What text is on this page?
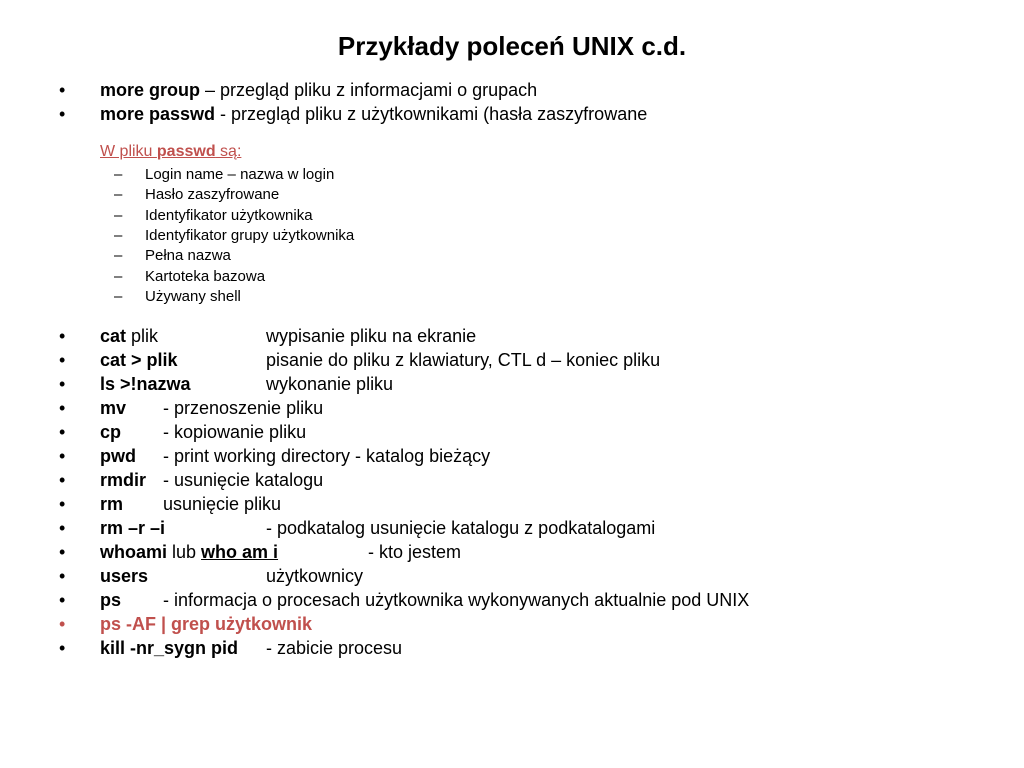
Przykłady poleceń UNIX c.d.
•	more group – przegląd pliku z informacjami o grupach
•	more passwd - przegląd pliku z użytkownikami (hasła zaszyfrowane
W pliku passwd są:
– Login name – nazwa w login
– Hasło zaszyfrowane
– Identyfikator użytkownika
– Identyfikator grupy użytkownika
– Pełna nazwa
– Kartoteka bazowa
– Używany shell
•	cat plik	wypisanie pliku na ekranie
•	cat > plik	pisanie do pliku z klawiatury, CTL d – koniec pliku
•	ls >!nazwa	wykonanie pliku
•	mv - przenoszenie pliku
•	cp - kopiowanie pliku
•	pwd - print working directory - katalog bieżący
•	rmdir - usunięcie katalogu
•	rm usunięcie pliku
•	rm –r –i	- podkatalog usunięcie katalogu z podkatalogami
•	whoami lub who am i	- kto jestem
•	users	użytkownicy
•	ps - informacja o procesach użytkownika wykonywanych aktualnie pod UNIX
•	ps -AF | grep użytkownik
•	kill -nr_sygn pid - zabicie procesu
